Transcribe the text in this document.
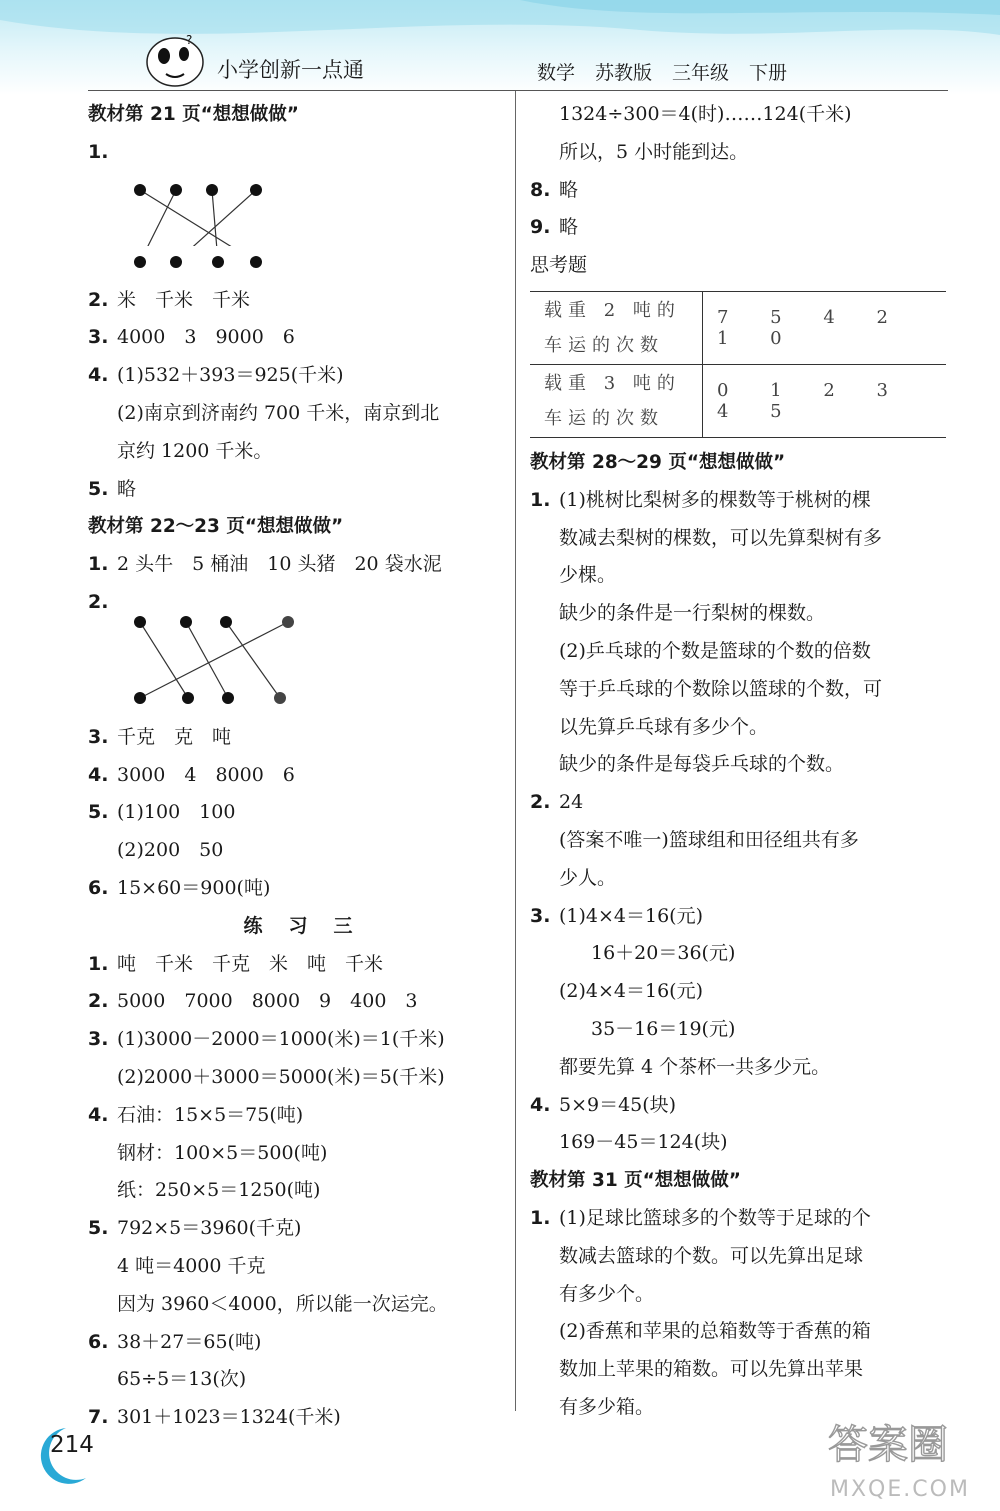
?
小学创新一点通	数学 苏教版 三年级 下册
教材第 21 页“想想做做”
1.
2. 米　千米　千米
3. 4000　3　9000　6
4. (1)532＋393＝925(千米)
(2)南京到济南约 700 千米，南京到北
京约 1200 千米。
5. 略
教材第 22～23 页“想想做做”
1. 2 头牛　5 桶油　10 头猪　20 袋水泥
2.
3. 千克　克　吨
4. 3000　4　8000　6
5. (1)100　100
(2)200　50
6. 15×60＝900(吨)
练习三
1. 吨　千米　千克　米　吨　千米
2. 5000　7000　8000　9　400　3
3. (1)3000－2000＝1000(米)＝1(千米)
(2)2000＋3000＝5000(米)＝5(千米)
4. 石油：15×5＝75(吨)
钢材：100×5＝500(吨)
纸：250×5＝1250(吨)
5. 792×5＝3960(千克)
4 吨＝4000 千克
因为 3960＜4000，所以能一次运完。
6. 38＋27＝65(吨)
65÷5＝13(次)
7. 301＋1023＝1324(千米)
1324÷300＝4(时)……124(千米)
所以，5 小时能到达。
8. 略
9. 略
思考题
载重 2 吨的车运的次数	7 5 4 2 1 0
载重 3 吨的车运的次数	0 1 2 3 4 5
教材第 28～29 页“想想做做”
1. (1)桃树比梨树多的棵数等于桃树的棵
数减去梨树的棵数，可以先算梨树有多
少棵。
缺少的条件是一行梨树的棵数。
(2)乒乓球的个数是篮球的个数的倍数
等于乒乓球的个数除以篮球的个数，可
以先算乒乓球有多少个。
缺少的条件是每袋乒乓球的个数。
2. 24
(答案不唯一)篮球组和田径组共有多
少人。
3. (1)4×4＝16(元)
16＋20＝36(元)
(2)4×4＝16(元)
35－16＝19(元)
都要先算 4 个茶杯一共多少元。
4. 5×9＝45(块)
169－45＝124(块)
教材第 31 页“想想做做”
1. (1)足球比篮球多的个数等于足球的个
数减去篮球的个数。可以先算出足球
有多少个。
(2)香蕉和苹果的总箱数等于香蕉的箱
数加上苹果的箱数。可以先算出苹果
有多少箱。
214	答案圈
MXQE.COM
